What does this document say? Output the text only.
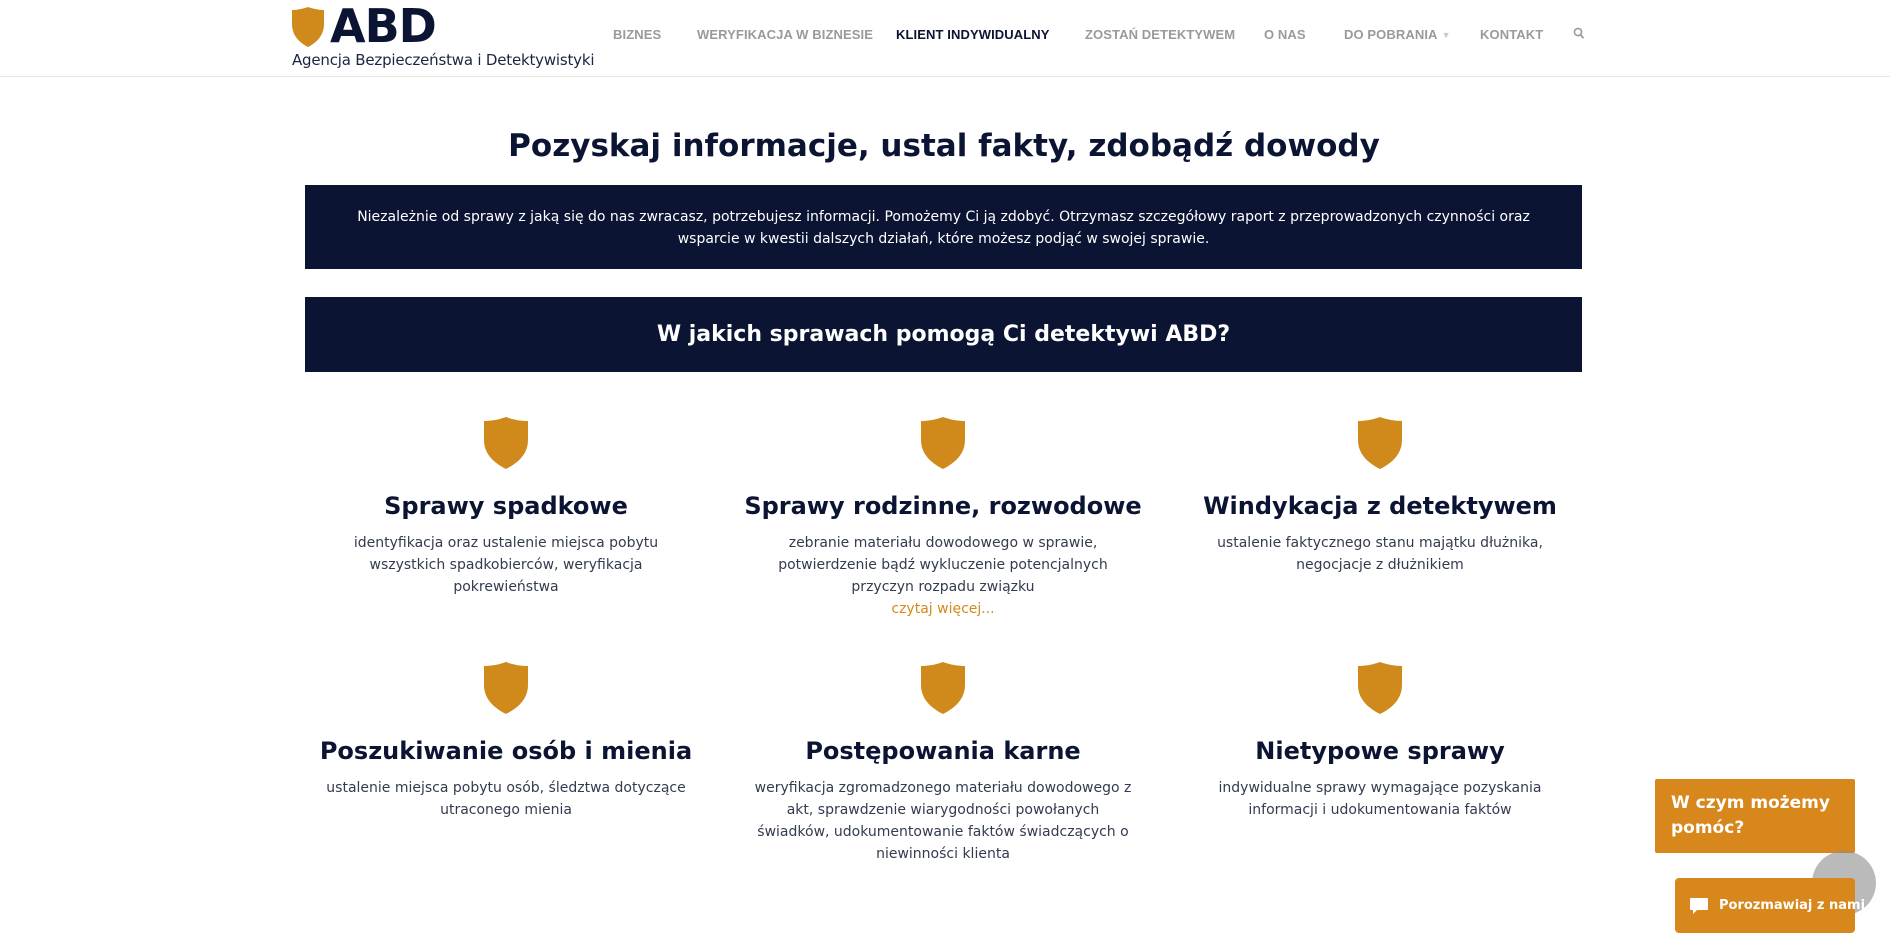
ABD
Agencja Bezpieczeństwa i Detektywistyki
BIZNES	WERYFIKACJA W BIZNESIE KLIENT INDYWIDUALNY	ZOSTAŃ DETEKTYWEM O NAS	DO POBRANIA ▼ KONTAKT
Pozyskaj informacje, ustal fakty, zdobądź dowody
Niezależnie od sprawy z jaką się do nas zwracasz, potrzebujesz informacji. Pomożemy Ci ją zdobyć. Otrzymasz szczegółowy raport z przeprowadzonych czynności oraz wsparcie w kwestii dalszych działań, które możesz podjąć w swojej sprawie.
W jakich sprawach pomogą Ci detektywi ABD?
Sprawy spadkowe
identyfikacja oraz ustalenie miejsca pobytu wszystkich spadkobierców, weryfikacja pokrewieństwa
Sprawy rodzinne, rozwodowe
zebranie materiału dowodowego w sprawie, potwierdzenie bądź wykluczenie potencjalnych przyczyn rozpadu związku
czytaj więcej...
Windykacja z detektywem
ustalenie faktycznego stanu majątku dłużnika, negocjacje z dłużnikiem
Poszukiwanie osób i mienia
ustalenie miejsca pobytu osób, śledztwa dotyczące utraconego mienia
Postępowania karne
weryfikacja zgromadzonego materiału dowodowego z akt, sprawdzenie wiarygodności powołanych świadków, udokumentowanie faktów świadczących o niewinności klienta
Nietypowe sprawy
indywidualne sprawy wymagające pozyskania informacji i udokumentowania faktów	W czym możemy pomóc?
Porozmawiaj z nami
